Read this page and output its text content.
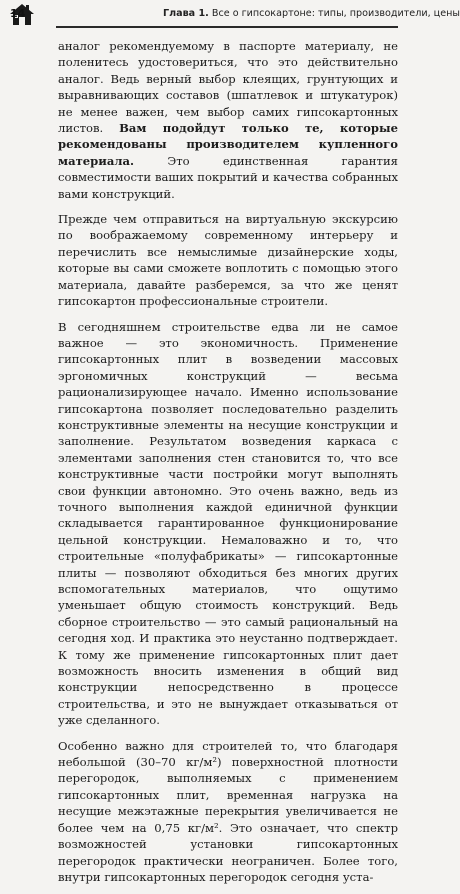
14	Глава 1. Все о гипсокартоне: типы, производители, цены

аналог рекомендуемому в паспорте материалу, не поленитесь удостовериться, что это действительно аналог. Ведь верный выбор клеящих, грунтующих и выравнивающих составов (шпатлевок и штукатурок) не менее важен, чем выбор самих гипсокартонных листов. Вам подойдут только те, которые рекомендованы производителем купленного материала. Это единственная гарантия совместимости ваших покрытий и качества собранных вами конструкций.

Прежде чем отправиться на виртуальную экскурсию по воображаемому современному интерьеру и перечислить все немыслимые дизайнерские ходы, которые вы сами сможете воплотить с помощью этого материала, давайте разберемся, за что же ценят гипсокартон профессиональные строители.

В сегодняшнем строительстве едва ли не самое важное — это экономичность. Применение гипсокартонных плит в возведении массовых эргономичных конструкций — весьма рационализирующее начало. Именно использование гипсокартона позволяет последовательно разделить конструктивные элементы на несущие конструкции и заполнение. Результатом возведения каркаса с элементами заполнения стен становится то, что все конструктивные части постройки могут выполнять свои функции автономно. Это очень важно, ведь из точного выполнения каждой единичной функции складывается гарантированное функционирование цельной конструкции. Немаловажно и то, что строительные «полуфабрикаты» — гипсокартонные плиты — позволяют обходиться без многих других вспомогательных материалов, что ощутимо уменьшает общую стоимость конструкций. Ведь сборное строительство — это самый рациональный на сегодня ход. И практика это неустанно подтверждает. К тому же применение гипсокартонных плит дает возможность вносить изменения в общий вид конструкции непосредственно в процессе строительства, и это не вынуждает отказываться от уже сделанного.

Особенно важно для строителей то, что благодаря небольшой (30–70 кг/м²) поверхностной плотности перегородок, выполняемых с применением гипсокартонных плит, временная нагрузка на несущие межэтажные перекрытия увеличивается не более чем на 0,75 кг/м². Это означает, что спектр возможностей установки гипсокартонных перегородок практически неограничен. Более того, внутри гипсокартонных перегородок сегодня уста-
